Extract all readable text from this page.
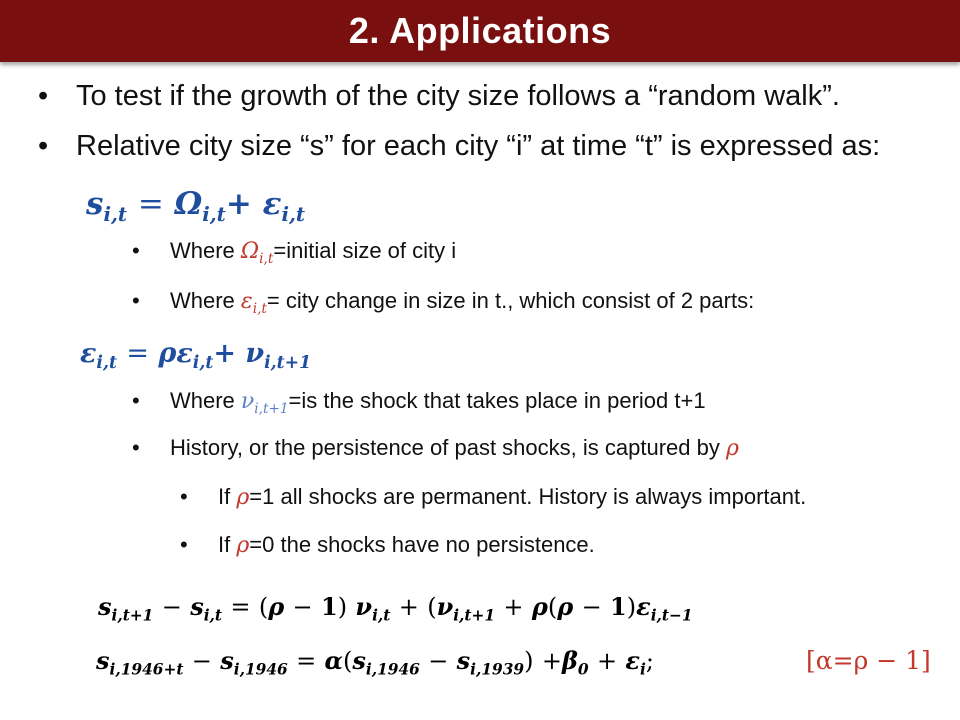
2. Applications
• To test if the growth of the city size follows a “random walk”.
• Relative city size “s” for each city “i” at time “t” is expressed as:
$s_{i,t} = \Omega_{i,t}+ \varepsilon_{i,t}$
• Where $\Omega_{i,t}=initial$ size of city i
• Where $\varepsilon_{i,t}=$ city change in size in t., which consist of 2 parts:
$\varepsilon_{i,t} = \rho\varepsilon_{i,t}+ \nu_{i,t+1}$
• Where $\nu_{i,t+1}=is$ the shock that takes place in period t+1
• History, or the persistence of past shocks, is captured by ρ
• If ρ=1 all shocks are permanent. History is always important.
• If ρ=0 the shocks have no persistence.
$s_{i,t+1} - s_{i,t} = (\rho - 1) \nu_{i,t} + (\nu_{i,t+1} + \rho(\rho - 1)\varepsilon_{i,t-1}$
$s_{i,1946+t} - s_{i,1946} = \alpha(s_{i,1946} - s_{i,1939}) +\beta_0 + \varepsilon_i$;	[α=ρ − 1]
